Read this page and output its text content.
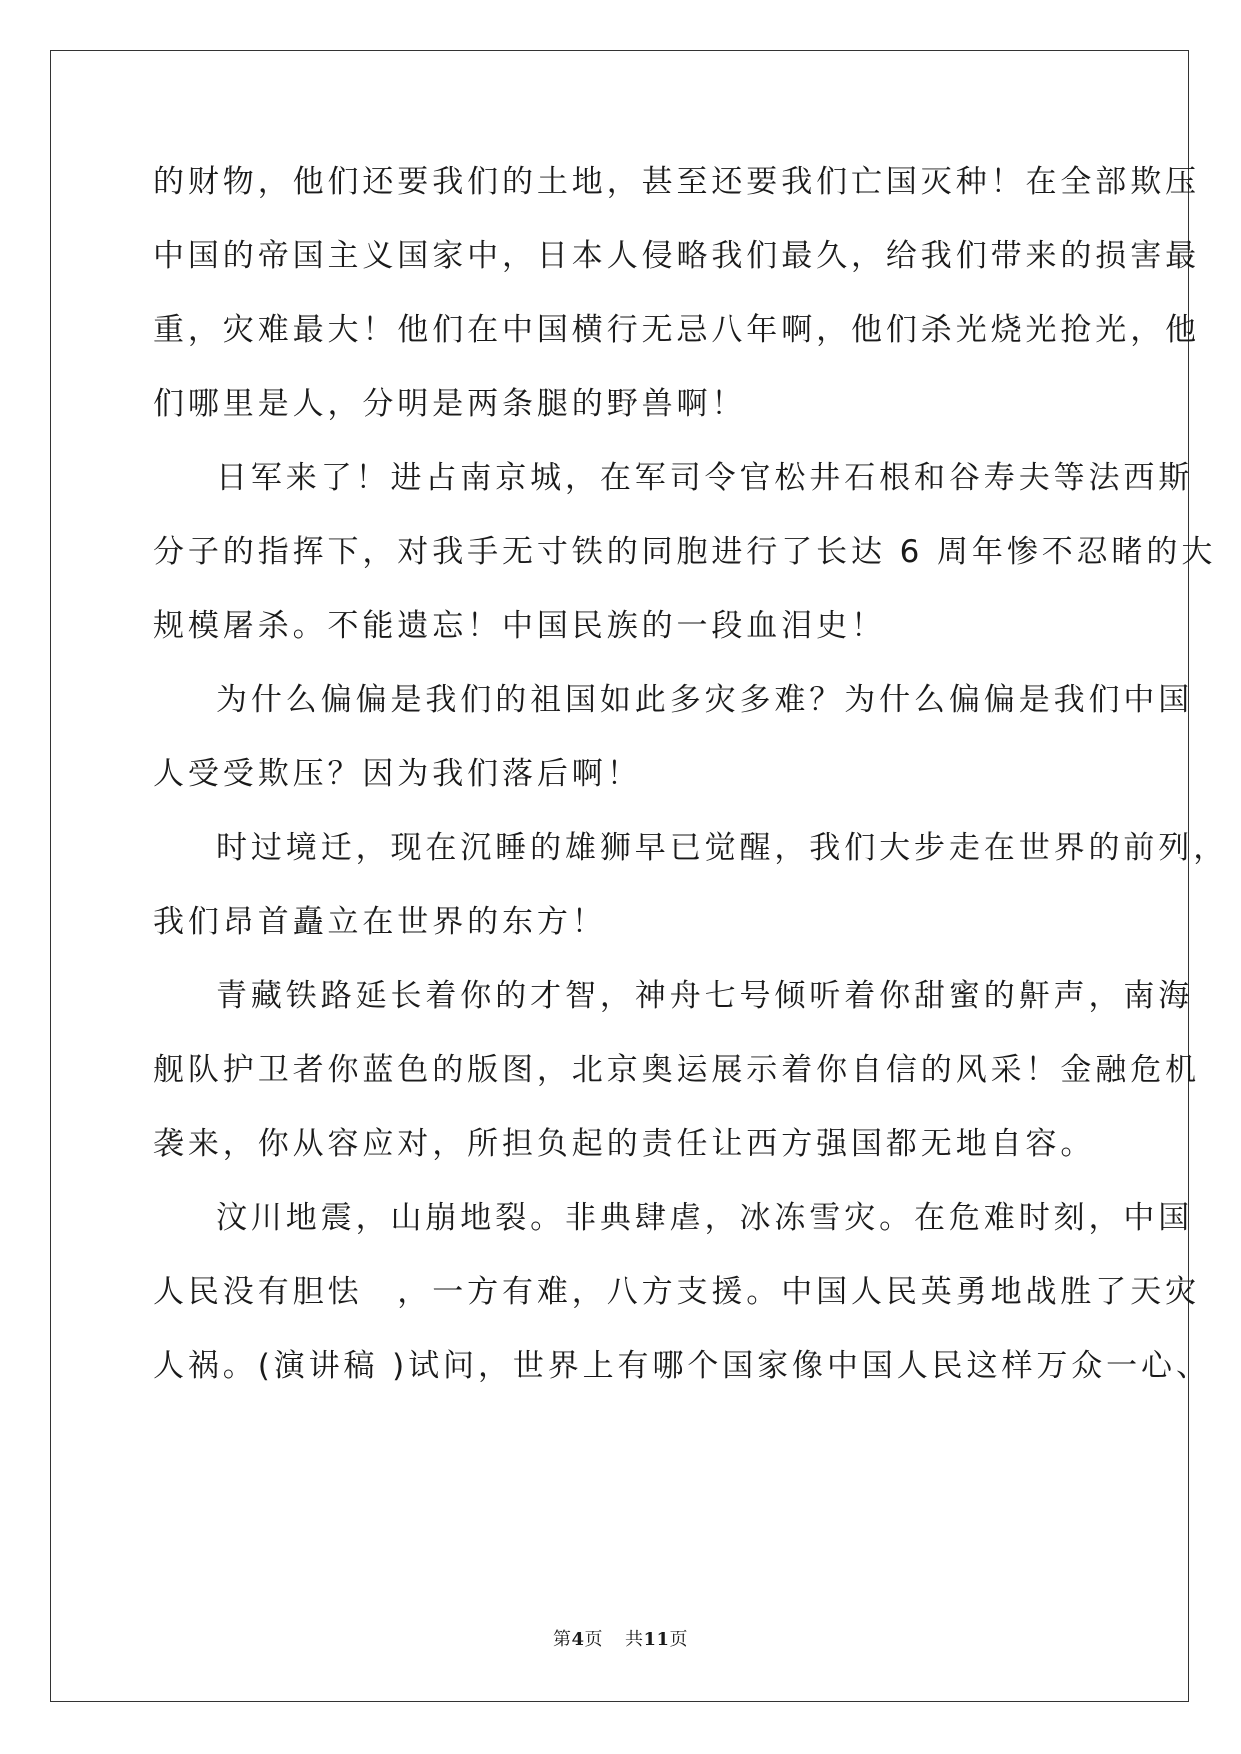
的财物，他们还要我们的土地，甚至还要我们亡国灭种！在全部欺压
中国的帝国主义国家中，日本人侵略我们最久，给我们带来的损害最
重，灾难最大！他们在中国横行无忌八年啊，他们杀光烧光抢光，他
们哪里是人，分明是两条腿的野兽啊！
日军来了！进占南京城，在军司令官松井石根和谷寿夫等法西斯
分子的指挥下，对我手无寸铁的同胞进行了长达 6 周年惨不忍睹的大
规模屠杀。不能遗忘！中国民族的一段血泪史！
为什么偏偏是我们的祖国如此多灾多难？为什么偏偏是我们中国
人受受欺压？因为我们落后啊！
时过境迁，现在沉睡的雄狮早已觉醒，我们大步走在世界的前列，
我们昂首矗立在世界的东方！
青藏铁路延长着你的才智，神舟七号倾听着你甜蜜的鼾声，南海
舰队护卫者你蓝色的版图，北京奥运展示着你自信的风采！金融危机
袭来，你从容应对，所担负起的责任让西方强国都无地自容。
汶川地震，山崩地裂。非典肆虐，冰冻雪灾。在危难时刻，中国
人民没有胆怯　，一方有难，八方支援。中国人民英勇地战胜了天灾
人祸。(演讲稿 )试问，世界上有哪个国家像中国人民这样万众一心、
第4页 共11页
